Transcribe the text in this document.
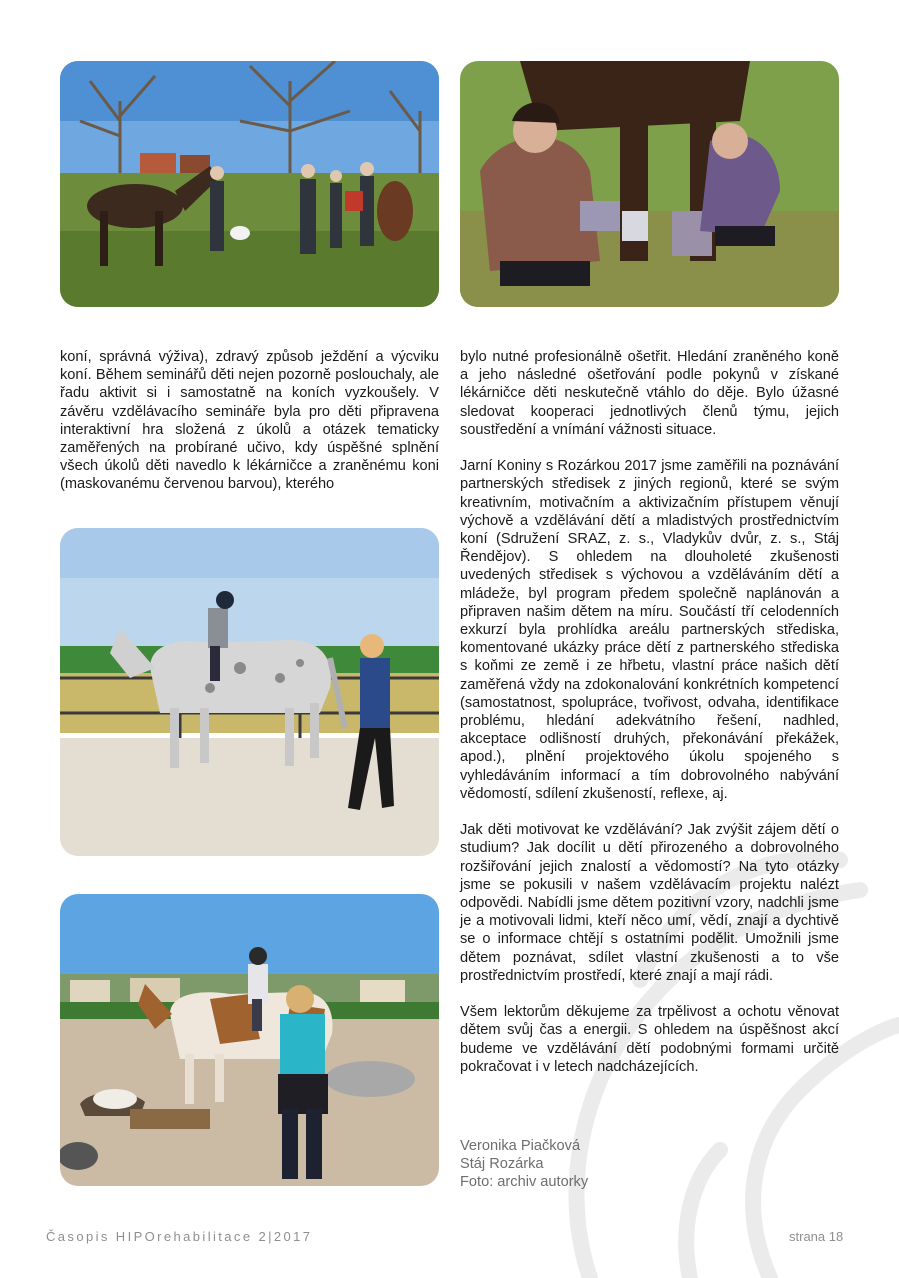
koní, správná výživa), zdravý způsob ježdění a výcviku koní. Během seminářů děti nejen pozorně poslouchaly, ale řadu aktivit si i samostatně na koních vyzkoušely. V závěru vzdělávacího semináře byla pro děti připravena interaktivní hra složená z úkolů a otázek tematicky zaměřených na probírané učivo, kdy úspěšné splnění všech úkolů děti navedlo k lékárničce a zraněnému koni (maskovanému červenou barvou), kterého

bylo nutné profesionálně ošetřit. Hledání zraněného koně a jeho následné ošetřování podle pokynů v získané lékárničce děti neskutečně vtáhlo do děje. Bylo úžasné sledovat kooperaci jednotlivých členů týmu, jejich soustředění a vnímání vážnosti situace.

Jarní Koniny s Rozárkou 2017 jsme zaměřili na poznávání partnerských středisek z jiných regionů, které se svým kreativním, motivačním a aktivizačním přístupem věnují výchově a vzdělávání dětí a mladistvých prostřednictvím koní (Sdružení SRAZ, z. s., Vladykův dvůr, z. s., Stáj Řendějov). S ohledem na dlouholeté zkušenosti uvedených středisek s výchovou a vzděláváním dětí a mládeže, byl program předem společně naplánován a připraven našim dětem na míru. Součástí tří celodenních exkurzí byla prohlídka areálu partnerských střediska, komentované ukázky práce dětí z partnerského střediska s koňmi ze země i ze hřbetu, vlastní práce našich dětí zaměřená vždy na zdokonalování konkrétních kompetencí (samostatnost, spolupráce, tvořivost, odvaha, identifikace problému, hledání adekvátního řešení, nadhled, akceptace odlišností druhých, překonávání překážek, apod.), plnění projektového úkolu spojeného s vyhledáváním informací a tím dobrovolného nabývání vědomostí, sdílení zkušeností, reflexe, aj.

Jak děti motivovat ke vzdělávání? Jak zvýšit zájem dětí o studium? Jak docílit u dětí přirozeného a dobrovolného rozšiřování jejich znalostí a vědomostí? Na tyto otázky jsme se pokusili v našem vzdělávacím projektu nalézt odpovědi. Nabídli jsme dětem pozitivní vzory, nadchli jsme je a motivovali lidmi, kteří něco umí, vědí, znají a dychtivě se o informace chtějí s ostatními podělit. Umožnili jsme dětem poznávat, sdílet vlastní zkušenosti a to vše prostřednictvím prostředí, které znají a mají rádi.

Všem lektorům děkujeme za trpělivost a ochotu věnovat dětem svůj čas a energii. S ohledem na úspěšnost akcí budeme ve vzdělávání dětí podobnými formami určitě pokračovat i v letech nadcházejících.

Veronika Piačková
Stáj Rozárka
Foto: archiv autorky
Časopis HIPOrehabilitace 2|2017	strana 18
